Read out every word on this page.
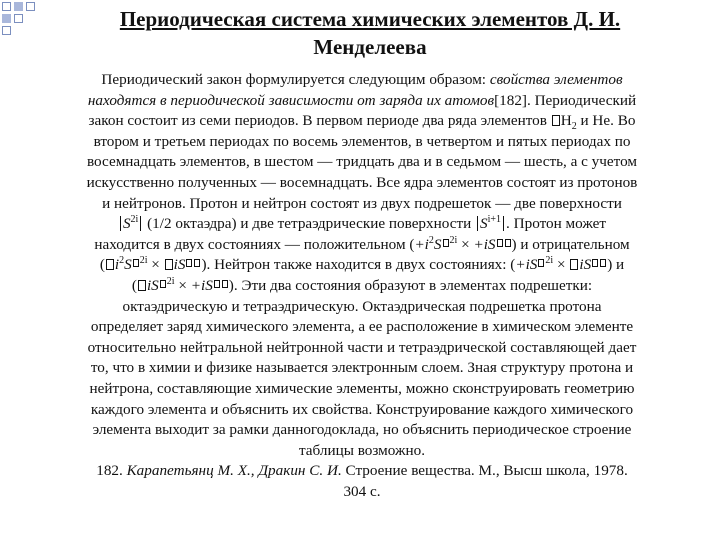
Периодическая система химических элементов Д. И.
Менделеева
Периодический закон формулируется следующим образом: свойства элементов
находятся в периодической зависимости от заряда их атомов[182]. Периодический
закон состоит из семи периодов. В первом периоде два ряда элементов $Н_2$ и Не. Во
втором и третьем периодах по восемь элементов, в четвертом и пятых периодах по
восемнадцать элементов, в шестом — тридцать два и в седьмом — шесть, а с учетом
искусственно полученных — восемнадцать. Все ядра элементов состоят из протонов
и нейтронов. Протон и нейтрон состоят из двух подрешеток — две поверхности
$S^{2i}$ (1/2 октаэдра) и две тетраэдрические поверхности $S^{i+1}$ . Протон может
находится в двух состояниях — положительном ($+i^2S$ $^{2i}$ × +iS ) и отрицательном
( $i^2S$ $^{2i}$ × iS ). Нейтрон также находится в двух состояниях: (+iS $^{2i}$ × iS ) и
( iS $^{2i}$ × +iS ). Эти два состояния образуют в элементах подрешетки:
октаэдрическую и тетраэдрическую. Октаэдрическая подрешетка протона
определяет заряд химического элемента, а ее расположение в химическом элементе
относительно нейтральной нейтронной части и тетраэдрической составляющей дает
то, что в химии и физике называется электронным слоем. Зная структуру протона и
нейтрона, составляющие химические элементы, можно сконструировать геометрию
каждого элемента и объяснить их свойства. Конструирование каждого химического
элемента выходит за рамки данногодоклада, но объяснить периодическое строение
таблицы возможно.
182. Карапетьянц М. Х., Дракин С. И. Строение вещества. М., Высш школа, 1978.
304 с.
